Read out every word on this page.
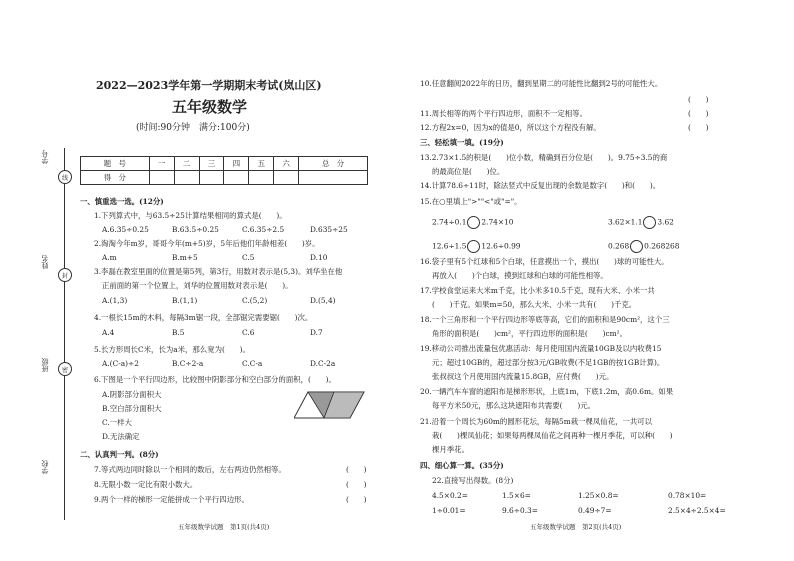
线
封
密
学号
姓名
班级
学校
2022—2023学年第一学期期末考试(岚山区)
五年级数学
(时间:90分钟　满分:100分)
题　号	一	二	三	四	五	六	总　分
得　分							
一、慎重选一选。(12分)
1.下列算式中，与63.5÷25计算结果相同的算式是(　　)。
A.6.35÷0.25	B.63.5÷0.25	C.6.35÷2.5	D.635÷25
2.淘淘今年m岁，哥哥今年(m+5)岁，5年后他们年龄相差(　　)岁。
A.m	B.m+5	C.5	D.10
3.李磊在教室里面的位置是第5列，第3行，用数对表示是(5,3)。刘华坐在他
正前面的第一个位置上，刘华的位置用数对表示是(　　)。
A.(1,3)	B.(1,1)	C.(5,2)	D.(5,4)
4.一根长15m的木料，每隔3m锯一段，全部锯完需要锯(　　)次。
A.4	B.5	C.6	D.7
5.长方形周长C米，长为a米，那么宽为(　　)。
A.(C-a)÷2	B.C÷2-a	C.C-a	D.C-2a
6.下图是一个平行四边形，比较图中阴影部分和空白部分的面积，(　　)。
A.阴影部分面积大
B.空白部分面积大
C.一样大
D.无法确定
二、认真判一判。(8分)
7.等式两边同时除以一个相同的数后，左右两边仍然相等。	(　　)
8.无限小数一定比有限小数大。	(　　)
9.两个一样的梯形一定能拼成一个平行四边形。	(　　)
五年级数学试题　第1页(共4页)
10.任意翻阅2022年的日历，翻到星期二的可能性比翻到2号的可能性大。
(　　)
11.周长相等的两个平行四边形，面积不一定相等。	(　　)
12.方程2x=0，因为x的值是0，所以这个方程没有解。	(　　)
三、轻松填一填。(19分)
13.2.73×1.5的积是(　　)位小数，精确到百分位是(　　)。9.75÷3.5的商
的最高位是(　　)位。
14.计算78.6÷11时，除法竖式中反复出现的余数是数字(　　)和(　　)。
15.在○里填上">""<"或"="。
2.74÷0.1 2.74×10	3.62×1.1 3.62
12.6÷1.5 12.6÷0.99	0.268 0.268268
16.袋子里有5个红球和5个白球，任意摸出一个，摸出(　　)球的可能性大。
再放入(　　)个白球，摸到红球和白球的可能性相等。
17.学校食堂运来大米m千克，比小米多10.5千克，现有大米、小米一共
(　　)千克。如果m=50，那么大米、小米一共有(　　)千克。
18.一个三角形和一个平行四边形等底等高，它们的面积和是90cm²，这个三
角形的面积是(　　)cm²，平行四边形的面积是(　　)cm²。
19.移动公司推出流量包优惠活动：每月使用国内流量10GB及以内收费15
元；超过10GB的，超过部分按3元/GB收费(不足1GB的按1GB计算)。
张叔叔这个月使用国内流量15.8GB，应付费(　　)元。
20.一辆汽车车窗的遮阳布是梯形形状，上底1m，下底1.2m，高0.6m。如果
每平方米50元，那么这块遮阳布共需要(　　)元。
21.沿着一个周长为60m的圆形花坛，每隔5m栽一棵凤仙花，一共可以
栽(　　)棵凤仙花；如果每两棵凤仙花之间再种一棵月季花，可以种(　　)
棵月季花。
四、细心算一算。(35分)
22.直接写出得数。(8分)
4.5×0.2=	1.5×6=	1.25×0.8=	0.78×10=
1÷0.01=	9.6÷0.3=	0.49÷7=	2.5×4÷2.5×4=
五年级数学试题　第2页(共4页)
